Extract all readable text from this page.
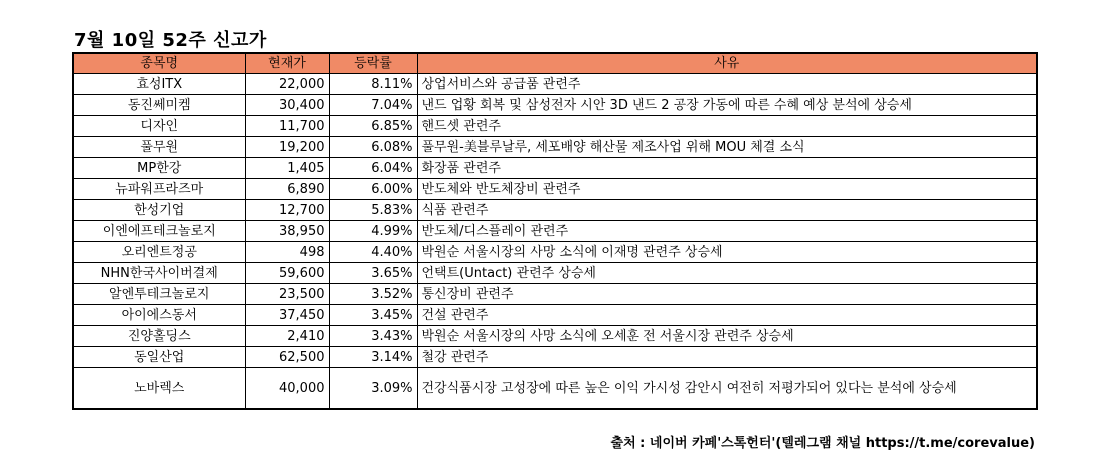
7월 10일 52주 신고가
종목명	현재가	등락률	사유
효성ITX	22,000	8.11%	상업서비스와 공급품 관련주
동진쎄미켐	30,400	7.04%	낸드 업황 회복 및 삼성전자 시안 3D 낸드 2 공장 가동에 따른 수혜 예상 분석에 상승세
디자인	11,700	6.85%	핸드셋 관련주
풀무원	19,200	6.08%	풀무원-美블루날루, 세포배양 해산물 제조사업 위해 MOU 체결 소식
MP한강	1,405	6.04%	화장품 관련주
뉴파워프라즈마	6,890	6.00%	반도체와 반도체장비 관련주
한성기업	12,700	5.83%	식품 관련주
이엔에프테크놀로지	38,950	4.99%	반도체/디스플레이 관련주
오리엔트정공	498	4.40%	박원순 서울시장의 사망 소식에 이재명 관련주 상승세
NHN한국사이버결제	59,600	3.65%	언택트(Untact) 관련주 상승세
알엔투테크놀로지	23,500	3.52%	통신장비 관련주
아이에스동서	37,450	3.45%	건설 관련주
진양홀딩스	2,410	3.43%	박원순 서울시장의 사망 소식에 오세훈 전 서울시장 관련주 상승세
동일산업	62,500	3.14%	철강 관련주
노바렉스	40,000	3.09%	건강식품시장 고성장에 따른 높은 이익 가시성 감안시 여전히 저평가되어 있다는 분석에 상승세
출처 : 네이버 카페'스톡헌터'(텔레그램 채널 https://t.me/corevalue)
